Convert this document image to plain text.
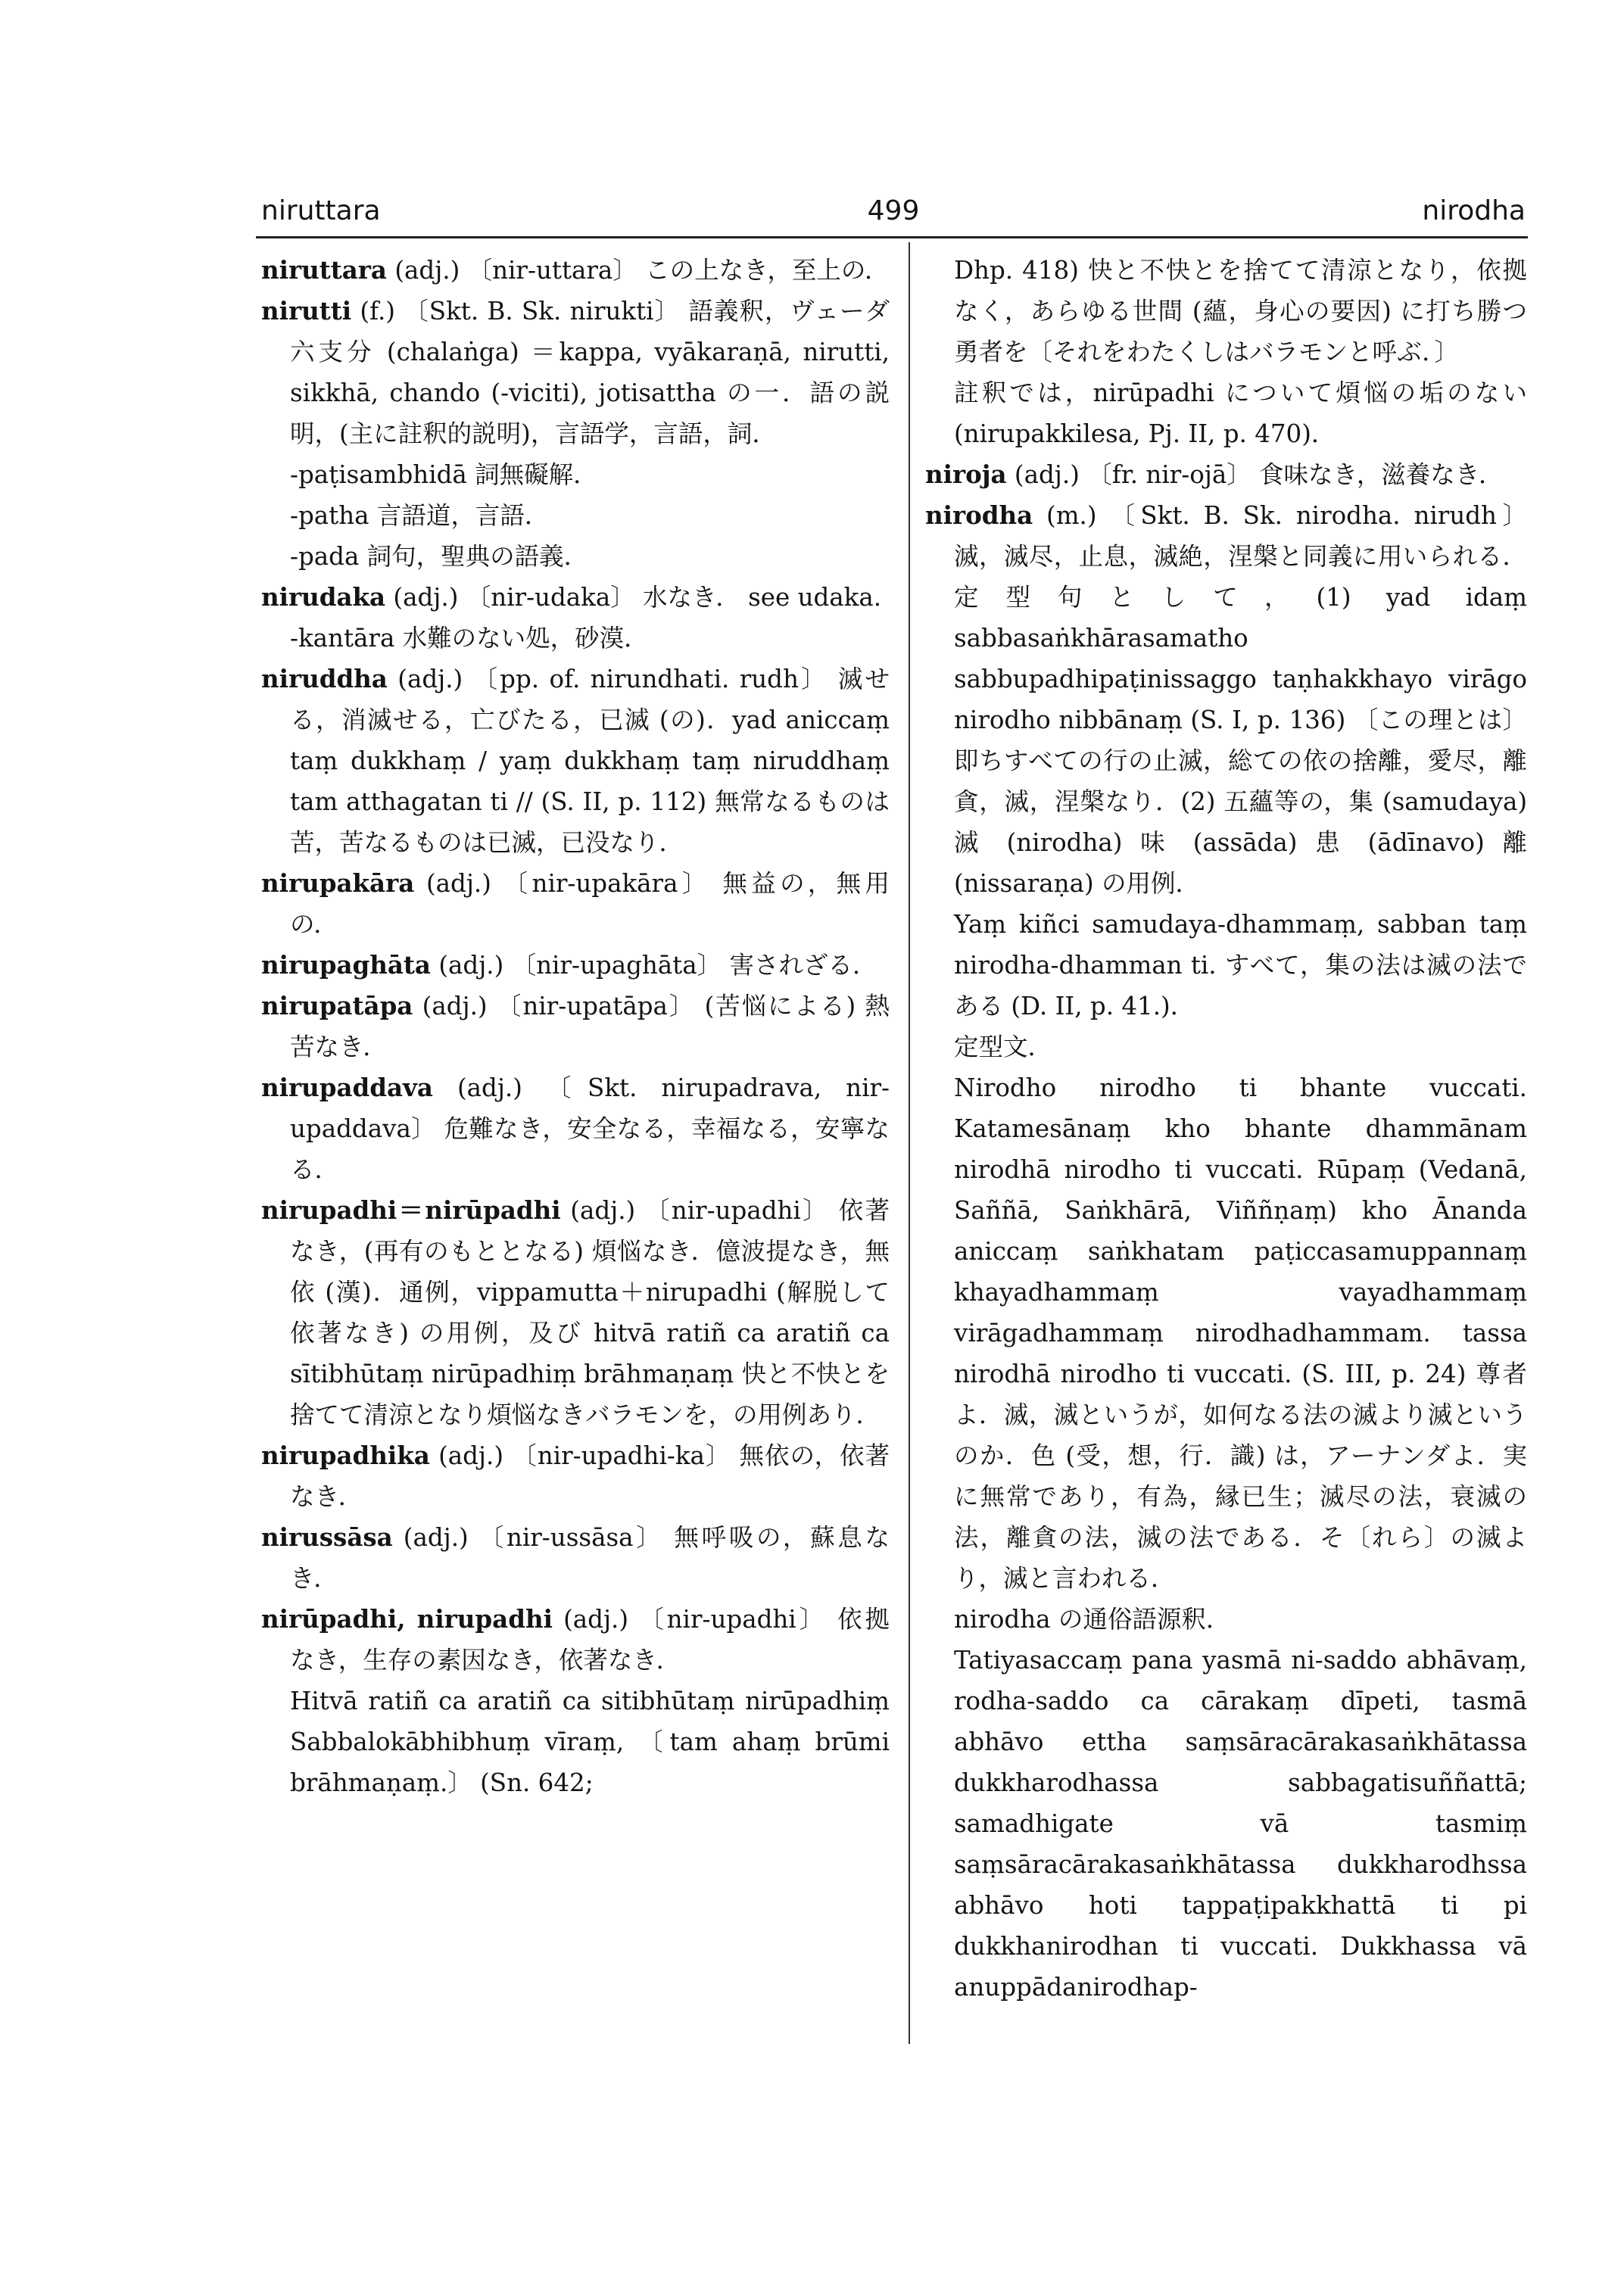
niruttara	499	nirodha

niruttara (adj.) 〔nir-uttara〕 この上なき，至上の．

nirutti (f.) 〔Skt. B. Sk. nirukti〕 語義釈，ヴェーダ六支分 (chalaṅga) ＝kappa, vyākaraṇā, nirutti, sikkhā, chando (-viciti), jotisattha の一．語の説明，(主に註釈的説明)，言語学，言語，詞．

-paṭisambhidā 詞無礙解．

-patha 言語道，言語．

-pada 詞句，聖典の語義．

nirudaka (adj.) 〔nir-udaka〕 水なき． see udaka.

-kantāra 水難のない処，砂漠．

niruddha (adj.) 〔pp. of. nirundhati. rudh〕 滅せる，消滅せる，亡びたる，已滅 (の)．yad aniccaṃ taṃ dukkhaṃ / yaṃ dukkhaṃ taṃ niruddhaṃ tam atthagatan ti // (S. II, p. 112) 無常なるものは苦，苦なるものは已滅，已没なり．

nirupakāra (adj.) 〔nir-upakāra〕 無益の，無用の．

nirupaghāta (adj.) 〔nir-upaghāta〕 害されざる．

nirupatāpa (adj.) 〔nir-upatāpa〕 (苦悩による) 熱苦なき．

nirupaddava (adj.) 〔Skt. nirupadrava, nir-upaddava〕 危難なき，安全なる，幸福なる，安寧なる．

nirupadhi＝nirūpadhi (adj.) 〔nir-upadhi〕 依著なき，(再有のもととなる) 煩悩なき．億波提なき，無依 (漢)．通例，vippamutta＋nirupadhi (解脱して依著なき) の用例，及び hitvā ratiñ ca aratiñ ca sītibhūtaṃ nirūpadhiṃ brāhmaṇaṃ 快と不快とを捨てて清涼となり煩悩なきバラモンを，の用例あり．

nirupadhika (adj.) 〔nir-upadhi-ka〕 無依の，依著なき．

nirussāsa (adj.) 〔nir-ussāsa〕 無呼吸の，蘇息なき．

nirūpadhi, nirupadhi (adj.) 〔nir-upadhi〕 依拠なき，生存の素因なき，依著なき．

Hitvā ratiñ ca aratiñ ca sitibhūtaṃ nirūpadhiṃ Sabbalokābhibhuṃ vīraṃ, 〔tam ahaṃ brūmi brāhmaṇaṃ.〕 (Sn. 642;

Dhp. 418) 快と不快とを捨てて清涼となり，依拠なく，あらゆる世間 (蘊，身心の要因) に打ち勝つ勇者を〔それをわたくしはバラモンと呼ぶ．〕

註釈では，nirūpadhi について煩悩の垢のない (nirupakkilesa, Pj. II, p. 470)．

niroja (adj.) 〔fr. nir-ojā〕 食味なき，滋養なき．

nirodha (m.) 〔Skt. B. Sk. nirodha. nirudh〕 滅，滅尽，止息，滅絶，涅槃と同義に用いられる．定型句として，(1) yad idaṃ sabbasaṅkhārasamatho sabbupadhipaṭinissaggo taṇhakkhayo virāgo nirodho nibbānaṃ (S. I, p. 136) 〔この理とは〕 即ちすべての行の止滅，総ての依の捨離，愛尽，離貪，滅，涅槃なり．(2) 五蘊等の，集 (samudaya) 滅 (nirodha) 味 (assāda) 患 (ādīnavo) 離 (nissaraṇa) の用例．

Yaṃ kiñci samudaya-dhammaṃ, sabban taṃ nirodha-dhamman ti. すべて，集の法は滅の法である (D. II, p. 41.)．

定型文．

Nirodho nirodho ti bhante vuccati. Katamesānaṃ kho bhante dhammānam nirodhā nirodho ti vuccati. Rūpaṃ (Vedanā, Saññā, Saṅkhārā, Viññṇaṃ) kho Ānanda aniccaṃ saṅkhatam paṭiccasamuppannaṃ khayadhammaṃ vayadhammaṃ virāgadhammaṃ nirodhadhammam. tassa nirodhā nirodho ti vuccati. (S. III, p. 24) 尊者よ．滅，滅というが，如何なる法の滅より滅というのか．色 (受，想，行．識) は，アーナンダよ．実に無常であり，有為，縁已生；滅尽の法，衰滅の法，離貪の法，滅の法である．そ〔れら〕の滅より，滅と言われる．

nirodha の通俗語源釈．

Tatiyasaccaṃ pana yasmā ni-saddo abhāvaṃ, rodha-saddo ca cārakaṃ dīpeti, tasmā abhāvo ettha saṃsāracārakasaṅkhātassa dukkharodhassa sabbagatisuññattā; samadhigate vā tasmiṃ saṃsāracārakasaṅkhātassa dukkharodhssa abhāvo hoti tappaṭipakkhattā ti pi dukkhanirodhan ti vuccati. Dukkhassa vā anuppādanirodhap-
